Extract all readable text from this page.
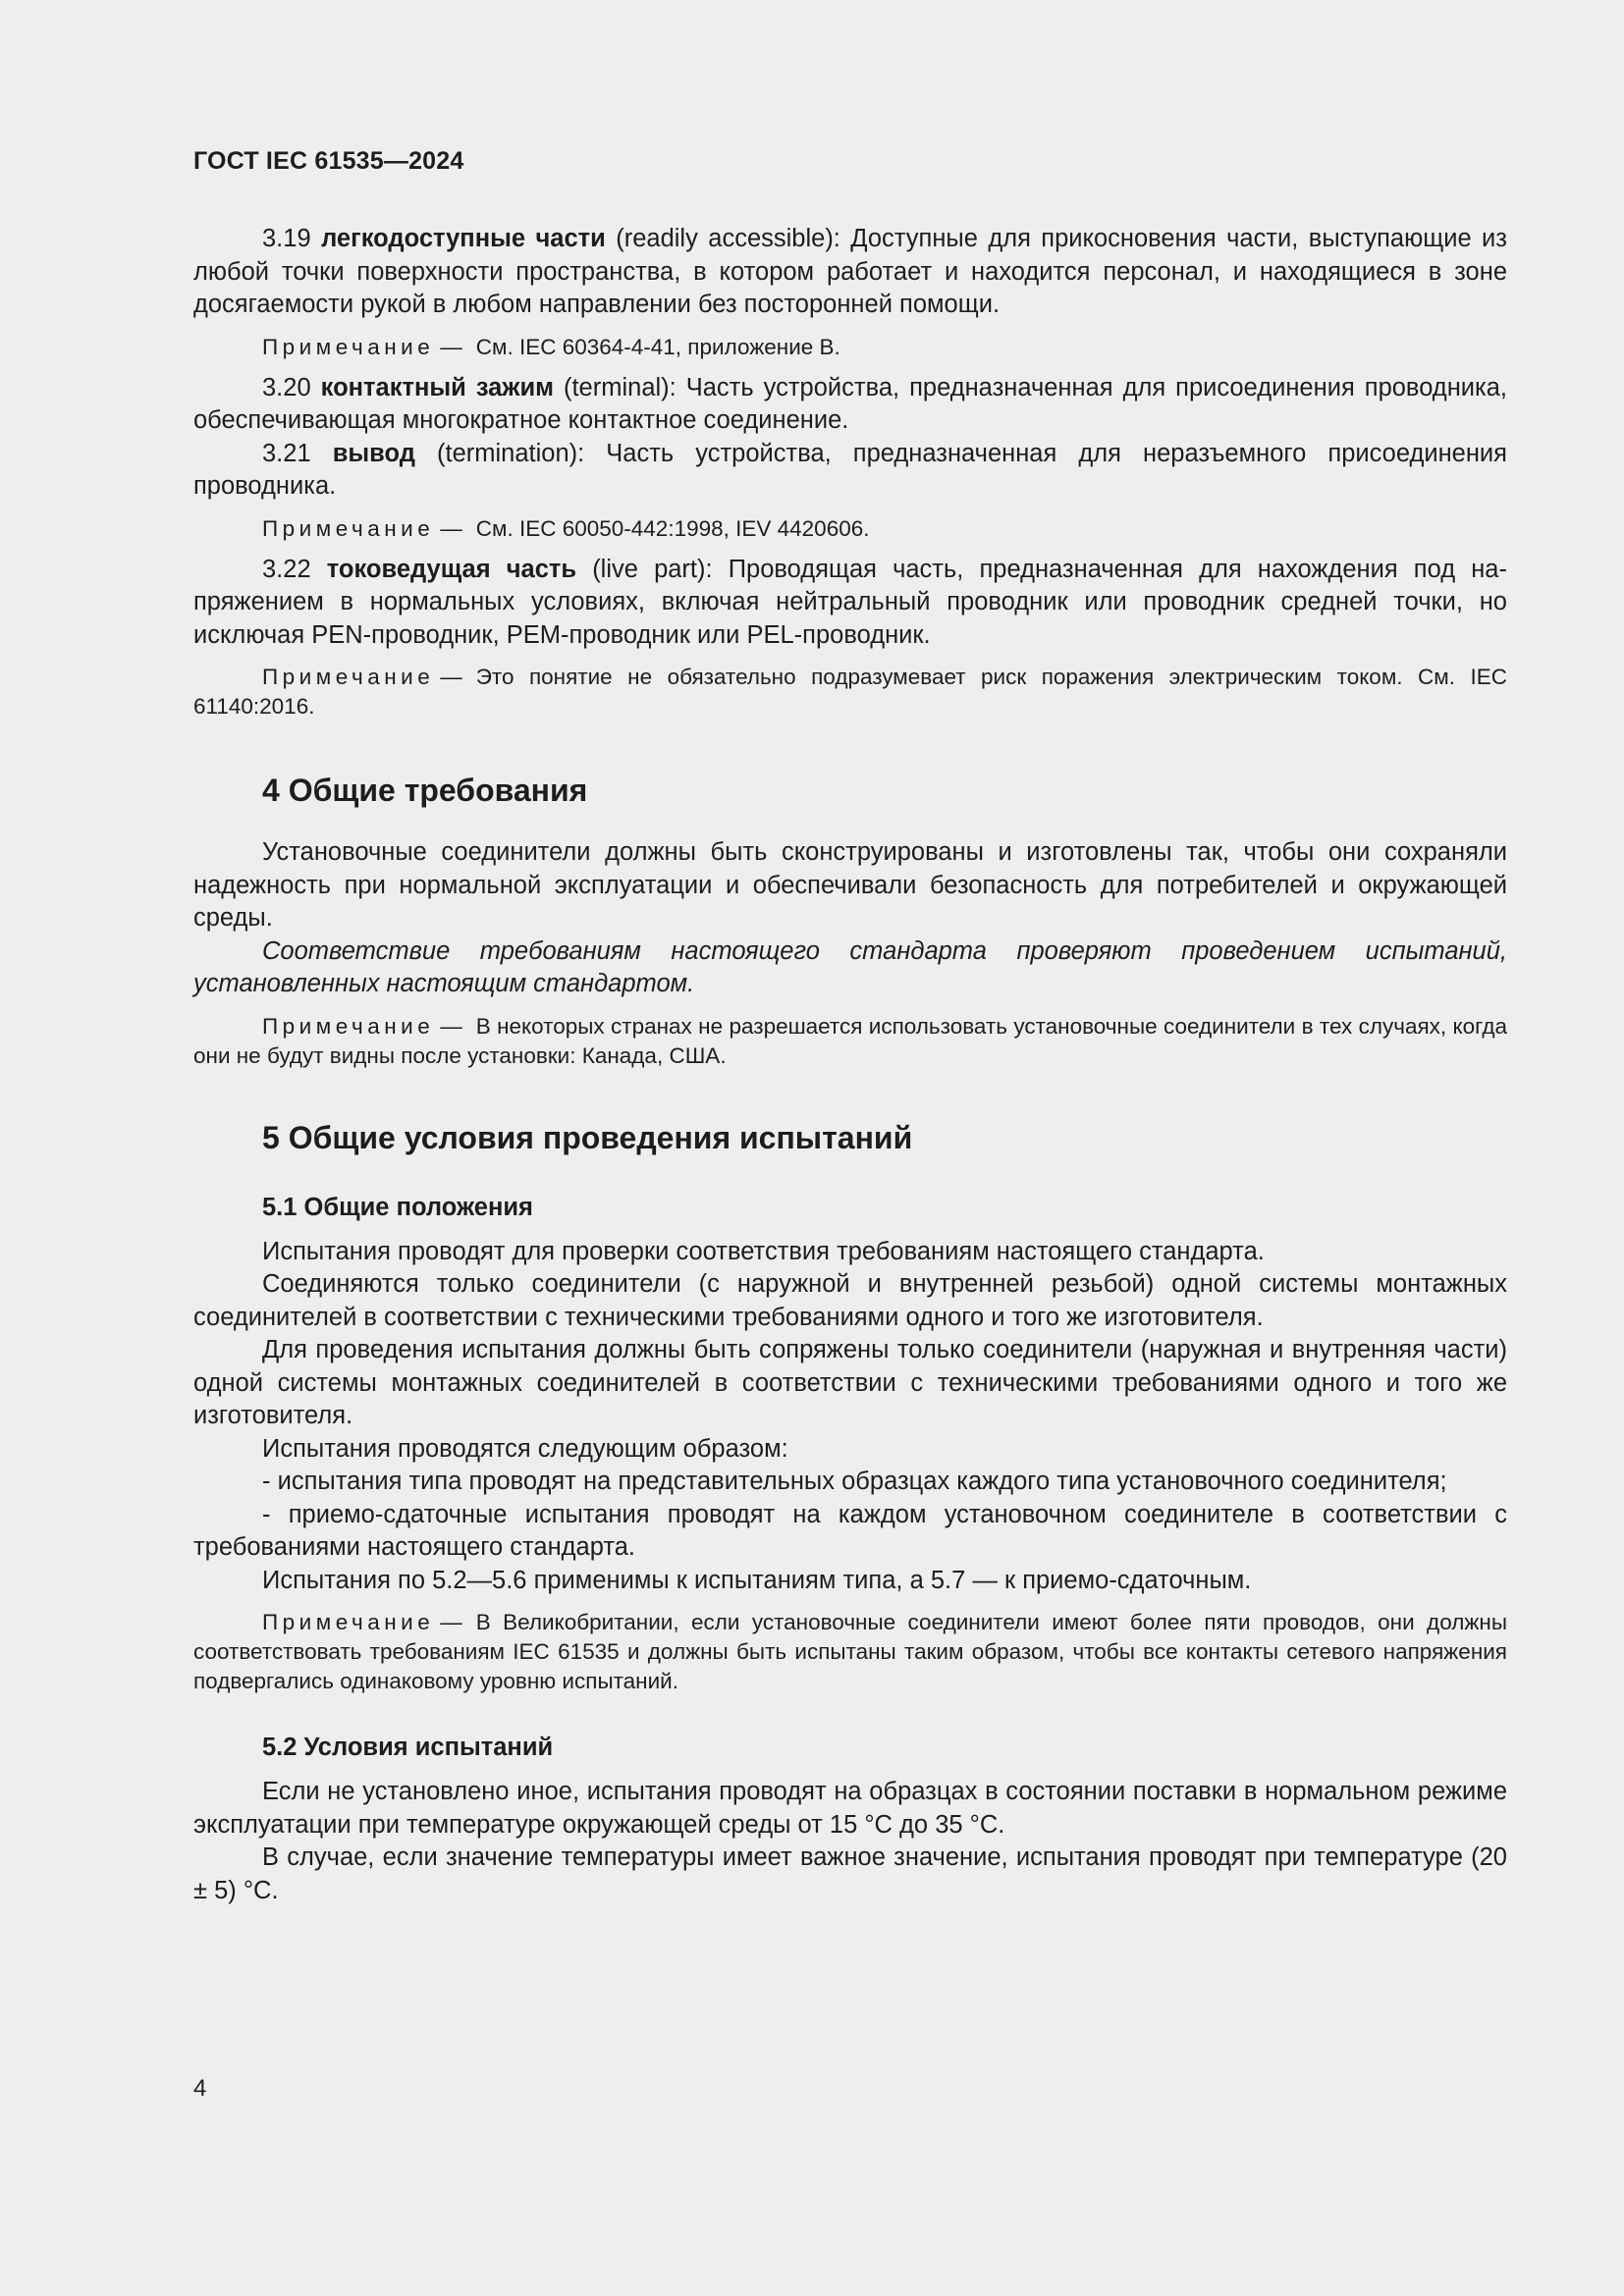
ГОСТ IEC 61535—2024

3.19 легкодоступные части (readily accessible): Доступные для прикосновения части, выступающие из любой точки поверхности пространства, в котором работает и находится персонал, и находящиеся в зоне досягаемости рукой в любом направлении без посторонней помощи.

Примечание — См. IEC 60364-4-41, приложение В.

3.20 контактный зажим (terminal): Часть устройства, предназначенная для присоединения проводника, обеспечивающая многократное контактное соединение.

3.21 вывод (termination): Часть устройства, предназначенная для неразъемного присоединения проводника.

Примечание — См. IEC 60050-442:1998, IEV 4420606.

3.22 токоведущая часть (live part): Проводящая часть, предназначенная для нахождения под напряжением в нормальных условиях, включая нейтральный проводник или проводник средней точки, но исключая PEN-проводник, PEM-проводник или PEL-проводник.

Примечание — Это понятие не обязательно подразумевает риск поражения электрическим током. См. IEC 61140:2016.

4 Общие требования

Установочные соединители должны быть сконструированы и изготовлены так, чтобы они сохраняли надежность при нормальной эксплуатации и обеспечивали безопасность для потребителей и окружающей среды.

Соответствие требованиям настоящего стандарта проверяют проведением испытаний, установленных настоящим стандартом.

Примечание — В некоторых странах не разрешается использовать установочные соединители в тех случаях, когда они не будут видны после установки: Канада, США.

5 Общие условия проведения испытаний
5.1 Общие положения

Испытания проводят для проверки соответствия требованиям настоящего стандарта.

Соединяются только соединители (с наружной и внутренней резьбой) одной системы монтажных соединителей в соответствии с техническими требованиями одного и того же изготовителя.

Для проведения испытания должны быть сопряжены только соединители (наружная и внутренняя части) одной системы монтажных соединителей в соответствии с техническими требованиями одного и того же изготовителя.

Испытания проводятся следующим образом:

- испытания типа проводят на представительных образцах каждого типа установочного соединителя;

- приемо-сдаточные испытания проводят на каждом установочном соединителе в соответствии с требованиями настоящего стандарта.

Испытания по 5.2—5.6 применимы к испытаниям типа, а 5.7 — к приемо-сдаточным.

Примечание — В Великобритании, если установочные соединители имеют более пяти проводов, они должны соответствовать требованиям IEC 61535 и должны быть испытаны таким образом, чтобы все контакты сетевого напряжения подвергались одинаковому уровню испытаний.

5.2 Условия испытаний

Если не установлено иное, испытания проводят на образцах в состоянии поставки в нормальном режиме эксплуатации при температуре окружающей среды от 15 °С до 35 °С.

В случае, если значение температуры имеет важное значение, испытания проводят при температуре (20 ± 5) °С.

4
